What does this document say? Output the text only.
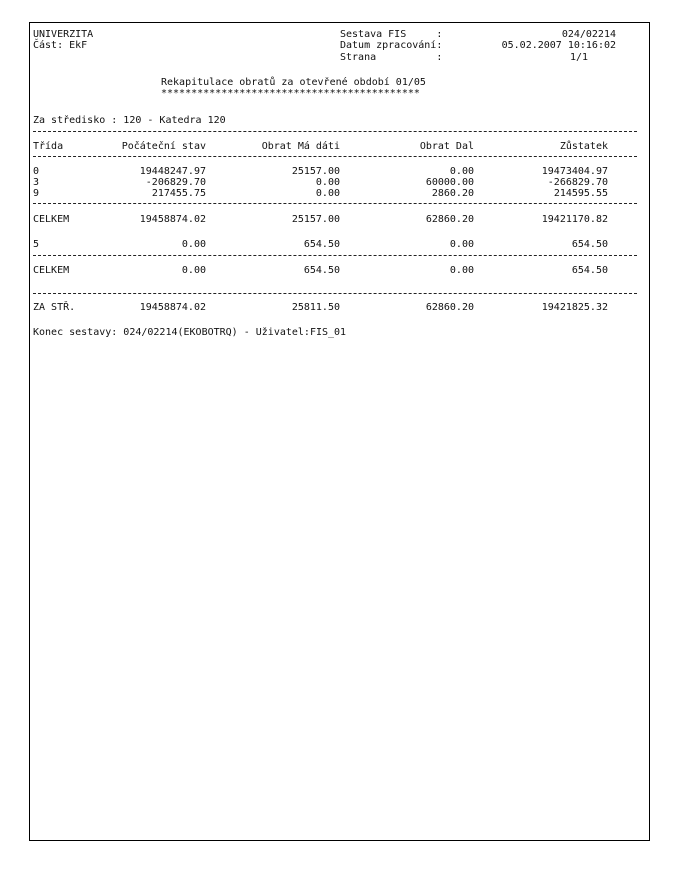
UNIVERZITA
Část: EkF
Sestava FIS     :	024/02214
Datum zpracování:	05.02.2007 10:16:02
Strana          :	1/1
Rekapitulace obratů za otevřené období 01/05
*******************************************
Za středisko : 120 - Katedra 120
Třída	Počáteční stav	Obrat Má dáti	Obrat Dal	Zůstatek
0	19448247.97	25157.00	0.00	19473404.97
3	-206829.70	0.00	60000.00	-266829.70
9	217455.75	0.00	2860.20	214595.55
CELKEM	19458874.02	25157.00	62860.20	19421170.82
5	0.00	654.50	0.00	654.50
CELKEM	0.00	654.50	0.00	654.50
ZA STŘ.	19458874.02	25811.50	62860.20	19421825.32
Konec sestavy: 024/02214(EKOBOTRQ) - Uživatel:FIS_01
